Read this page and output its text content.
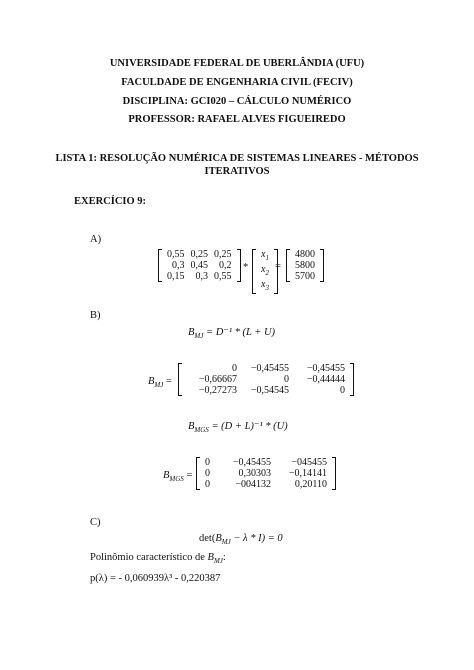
UNIVERSIDADE FEDERAL DE UBERLÂNDIA (UFU)
FACULDADE DE ENGENHARIA CIVIL (FECIV)
DISCIPLINA: GCI020 – CÁLCULO NUMÉRICO
PROFESSOR: RAFAEL ALVES FIGUEIREDO
LISTA 1: RESOLUÇÃO NUMÉRICA DE SISTEMAS LINEARES - MÉTODOS ITERATIVOS
EXERCÍCIO 9:
A)
0,55 0,25 0,25
0,3 0,45	0,2
0,15	0,3 0,55
*
$x_1$
$x_2$
$x_3$
=
4800
5800
5700
B)
$B_{MJ} = D^{-1} * (L + U)$
$B_{MJ}$ =
0	−0,45455	−0,45455
−0,66667	0	−0,44444
−0,27273	−0,54545	0
$B_{MGS} = (D + L)^{-1} * (U)$
$B_{MGS}$ =
0	−0,45455	−045455
0	0,30303	−0,14141
0	−004132	0,20110
C)
$\det(B_{MJ} - \lambda * I) = 0$
Polinômio característico de $B_{MJ}$:
p(λ) = - 0,060939λ³ - 0,220387
